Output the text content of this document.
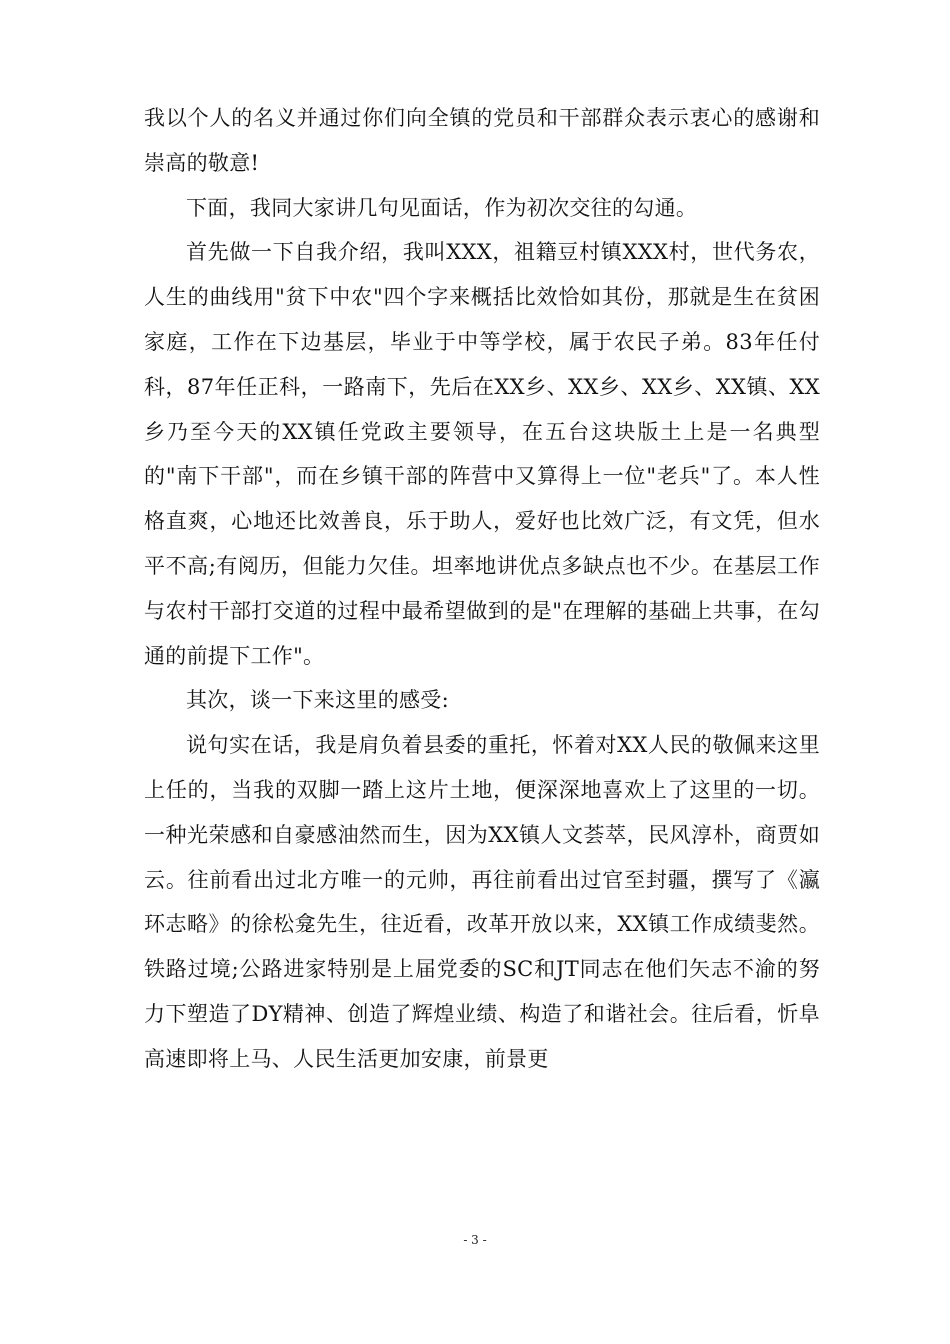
我以个人的名义并通过你们向全镇的党员和干部群众表示衷心的感谢和崇高的敬意!

下面，我同大家讲几句见面话，作为初次交往的勾通。

首先做一下自我介绍，我叫XXX，祖籍豆村镇XXX村，世代务农，人生的曲线用"贫下中农"四个字来概括比效恰如其份，那就是生在贫困家庭，工作在下边基层，毕业于中等学校，属于农民子弟。83年任付科，87年任正科，一路南下，先后在XX乡、XX乡、XX乡、XX镇、XX乡乃至今天的XX镇任党政主要领导，在五台这块版土上是一名典型的"南下干部"，而在乡镇干部的阵营中又算得上一位"老兵"了。本人性格直爽，心地还比效善良，乐于助人，爱好也比效广泛，有文凭，但水平不高;有阅历，但能力欠佳。坦率地讲优点多缺点也不少。在基层工作与农村干部打交道的过程中最希望做到的是"在理解的基础上共事，在勾通的前提下工作"。

其次，谈一下来这里的感受:

说句实在话，我是肩负着县委的重托，怀着对XX人民的敬佩来这里上任的，当我的双脚一踏上这片土地，便深深地喜欢上了这里的一切。一种光荣感和自豪感油然而生，因为XX镇人文荟萃，民风淳朴，商贾如云。往前看出过北方唯一的元帅，再往前看出过官至封疆，撰写了《瀛环志略》的徐松龛先生，往近看，改革开放以来，XX镇工作成绩斐然。铁路过境;公路进家特别是上届党委的SC和JT同志在他们矢志不渝的努力下塑造了DY精神、创造了辉煌业绩、构造了和谐社会。往后看，忻阜高速即将上马、人民生活更加安康，前景更

- 3 -
